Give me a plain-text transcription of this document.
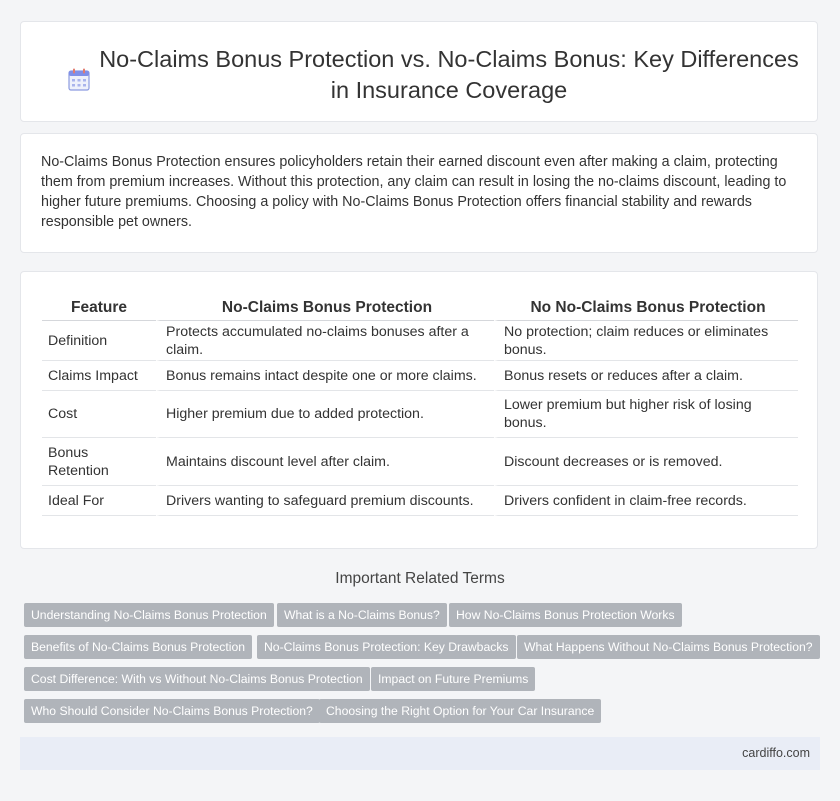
No-Claims Bonus Protection vs. No-Claims Bonus: Key Differences in Insurance Coverage
No-Claims Bonus Protection ensures policyholders retain their earned discount even after making a claim, protecting them from premium increases. Without this protection, any claim can result in losing the no-claims discount, leading to higher future premiums. Choosing a policy with No-Claims Bonus Protection offers financial stability and rewards responsible pet owners.
Feature	No-Claims Bonus Protection	No No-Claims Bonus Protection
Definition	Protects accumulated no-claims bonuses after a claim.	No protection; claim reduces or eliminates bonus.
Claims Impact	Bonus remains intact despite one or more claims.	Bonus resets or reduces after a claim.
Cost	Higher premium due to added protection.	Lower premium but higher risk of losing bonus.
Bonus Retention	Maintains discount level after claim.	Discount decreases or is removed.
Ideal For	Drivers wanting to safeguard premium discounts.	Drivers confident in claim-free records.
Important Related Terms
Understanding No-Claims Bonus Protection	What is a No-Claims Bonus?	How No-Claims Bonus Protection Works
Benefits of No-Claims Bonus Protection	No-Claims Bonus Protection: Key Drawbacks	What Happens Without No-Claims Bonus Protection?
Cost Difference: With vs Without No-Claims Bonus Protection	Impact on Future Premiums
Who Should Consider No-Claims Bonus Protection?	Choosing the Right Option for Your Car Insurance
cardiffo.com
